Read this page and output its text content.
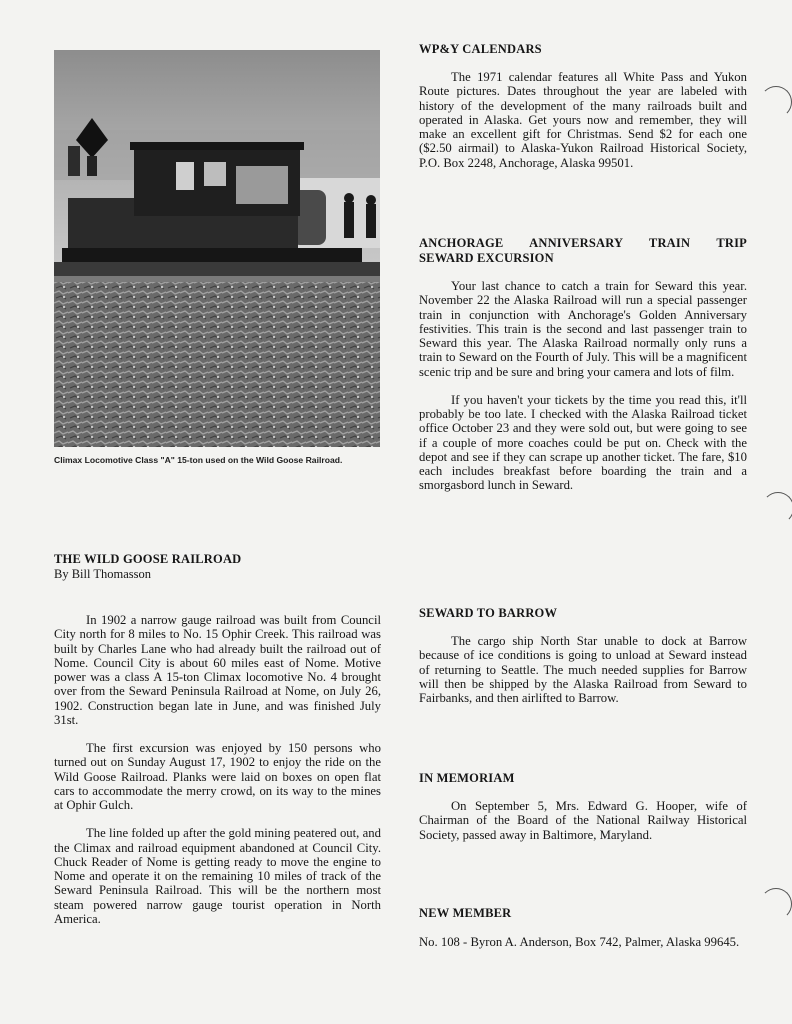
Climax Locomotive Class "A" 15-ton used on the Wild Goose Railroad.
THE WILD GOOSE RAILROAD
By Bill Thomasson

In 1902 a narrow gauge railroad was built from Council City north for 8 miles to No. 15 Ophir Creek. This railroad was built by Charles Lane who had already built the railroad out of Nome. Council City is about 60 miles east of Nome. Motive power was a class A 15-ton Climax locomotive No. 4 brought over from the Seward Peninsula Railroad at Nome, on July 26, 1902. Construction began late in June, and was finished July 31st.

The first excursion was enjoyed by 150 persons who turned out on Sunday August 17, 1902 to enjoy the ride on the Wild Goose Railroad. Planks were laid on boxes on open flat cars to accommodate the merry crowd, on its way to the mines at Ophir Gulch.

The line folded up after the gold mining peatered out, and the Climax and railroad equipment abandoned at Council City. Chuck Reader of Nome is getting ready to move the engine to Nome and operate it on the remaining 10 miles of track of the Seward Peninsula Railroad. This will be the northern most steam powered narrow gauge tourist operation in North America.

WP&Y CALENDARS

The 1971 calendar features all White Pass and Yukon Route pictures. Dates throughout the year are labeled with history of the development of the many railroads built and operated in Alaska. Get yours now and remember, they will make an excellent gift for Christmas. Send $2 for each one ($2.50 airmail) to Alaska-Yukon Railroad Historical Society, P.O. Box 2248, Anchorage, Alaska 99501.

ANCHORAGE ANNIVERSARY TRAIN TRIP
SEWARD EXCURSION

Your last chance to catch a train for Seward this year. November 22 the Alaska Railroad will run a special passenger train in conjunction with Anchorage's Golden Anniversary festivities. This train is the second and last passenger train to Seward this year. The Alaska Railroad normally only runs a train to Seward on the Fourth of July. This will be a magnificent scenic trip and be sure and bring your camera and lots of film.

If you haven't your tickets by the time you read this, it'll probably be too late. I checked with the Alaska Railroad ticket office October 23 and they were sold out, but were going to see if a couple of more coaches could be put on. Check with the depot and see if they can scrape up another ticket. The fare, $10 each includes breakfast before boarding the train and a smorgasbord lunch in Seward.

SEWARD TO BARROW

The cargo ship North Star unable to dock at Barrow because of ice conditions is going to unload at Seward instead of returning to Seattle. The much needed supplies for Barrow will then be shipped by the Alaska Railroad from Seward to Fairbanks, and then airlifted to Barrow.

IN MEMORIAM

On September 5, Mrs. Edward G. Hooper, wife of Chairman of the Board of the National Railway Historical Society, passed away in Baltimore, Maryland.

NEW MEMBER

No. 108 - Byron A. Anderson, Box 742, Palmer, Alaska 99645.
